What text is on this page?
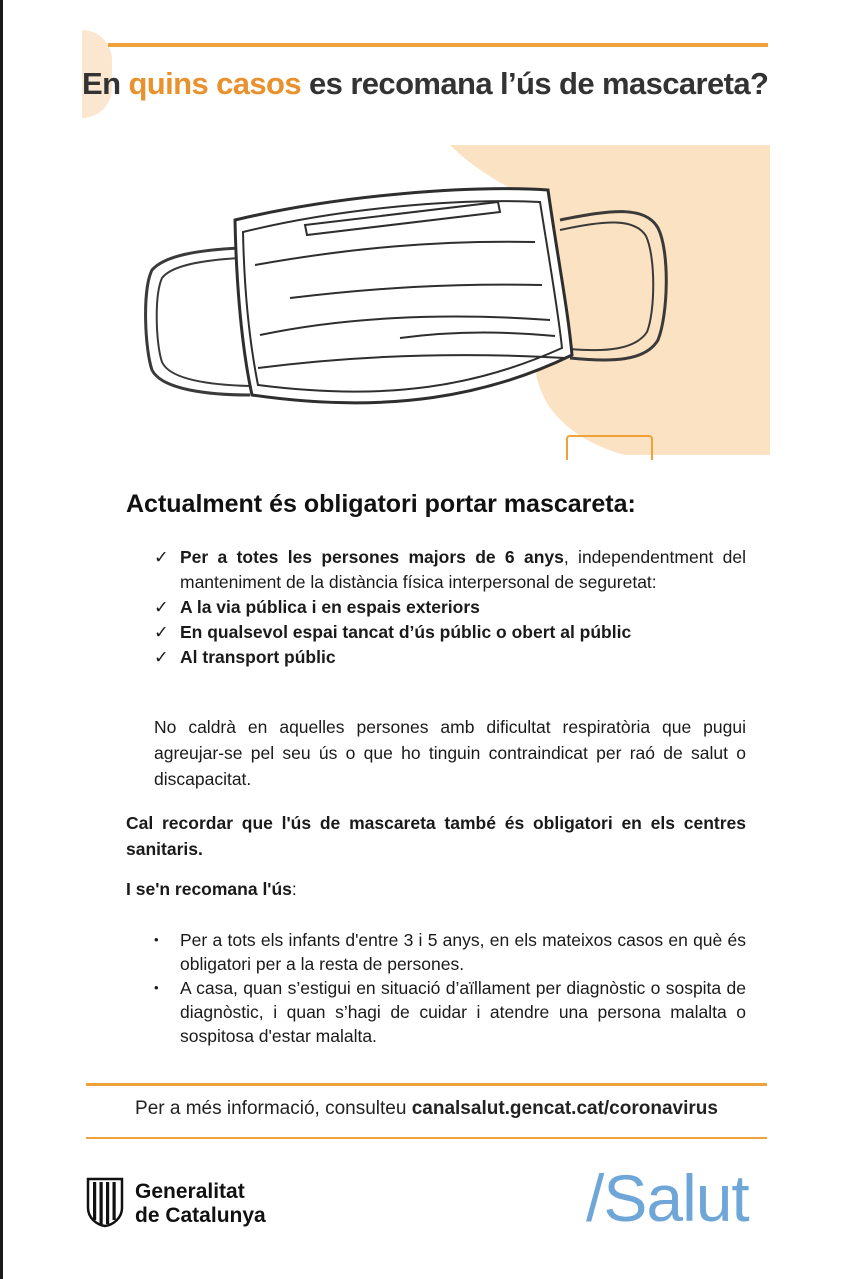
En quins casos es recomana l’ús de mascareta?
Actualment és obligatori portar mascareta:
✓ Per a totes les persones majors de 6 anys, independentment del manteniment de la distància física interpersonal de seguretat:
✓ A la via pública i en espais exteriors
✓ En qualsevol espai tancat d’ús públic o obert al públic
✓ Al transport públic

No caldrà en aquelles persones amb dificultat respiratòria que pugui agreujar-se pel seu ús o que ho tinguin contraindicat per raó de salut o discapacitat.

Cal recordar que l'ús de mascareta també és obligatori en els centres sanitaris.

I se'n recomana l'ús:

• Per a tots els infants d'entre 3 i 5 anys, en els mateixos casos en què és obligatori per a la resta de persones.
• A casa, quan s’estigui en situació d’aïllament per diagnòstic o sospita de diagnòstic, i quan s’hagi de cuidar i atendre una persona malalta o sospitosa d'estar malalta.

Per a més informació, consulteu canalsalut.gencat.cat/coronavirus

Generalitat
de Catalunya	/Salut
